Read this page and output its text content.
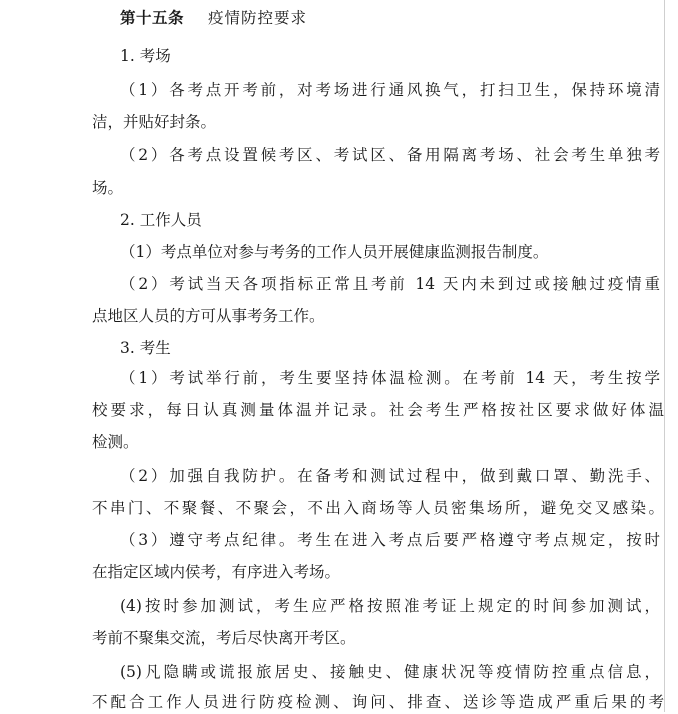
第十五条 疫情防控要求
1. 考场
（1）各考点开考前，对考场进行通风换气，打扫卫生，保持环境清
洁，并贴好封条。
（2）各考点设置候考区、考试区、备用隔离考场、社会考生单独考
场。
2. 工作人员
（1）考点单位对参与考务的工作人员开展健康监测报告制度。
（2）考试当天各项指标正常且考前 14 天内未到过或接触过疫情重
点地区人员的方可从事考务工作。
3. 考生
（1）考试举行前，考生要坚持体温检测。在考前 14 天，考生按学
校要求，每日认真测量体温并记录。社会考生严格按社区要求做好体温
检测。
（2）加强自我防护。在备考和测试过程中，做到戴口罩、勤洗手、
不串门、不聚餐、不聚会，不出入商场等人员密集场所，避免交叉感染。
（3）遵守考点纪律。考生在进入考点后要严格遵守考点规定，按时
在指定区域内侯考，有序进入考场。
(4)按时参加测试，考生应严格按照准考证上规定的时间参加测试，
考前不聚集交流，考后尽快离开考区。
(5)凡隐瞒或谎报旅居史、接触史、健康状况等疫情防控重点信息，
不配合工作人员进行防疫检测、询问、排查、送诊等造成严重后果的考
